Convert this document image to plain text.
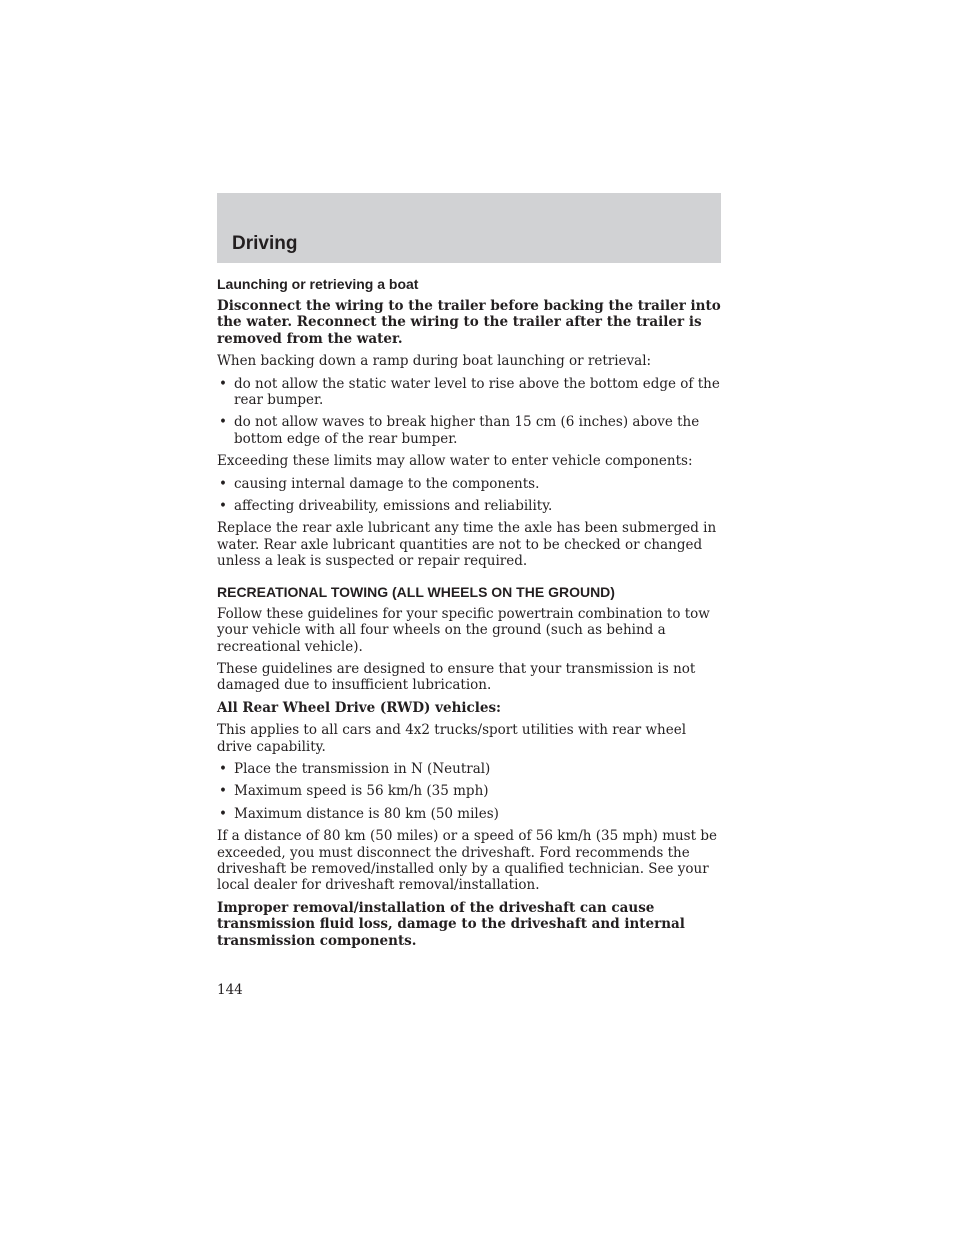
Driving
Launching or retrieving a boat

Disconnect the wiring to the trailer before backing the trailer into the water. Reconnect the wiring to the trailer after the trailer is removed from the water.

When backing down a ramp during boat launching or retrieval:

• do not allow the static water level to rise above the bottom edge of the rear bumper.
• do not allow waves to break higher than 15 cm (6 inches) above the bottom edge of the rear bumper.

Exceeding these limits may allow water to enter vehicle components:

• causing internal damage to the components.
• affecting driveability, emissions and reliability.

Replace the rear axle lubricant any time the axle has been submerged in water. Rear axle lubricant quantities are not to be checked or changed unless a leak is suspected or repair required.

RECREATIONAL TOWING (ALL WHEELS ON THE GROUND)

Follow these guidelines for your specific powertrain combination to tow your vehicle with all four wheels on the ground (such as behind a recreational vehicle).

These guidelines are designed to ensure that your transmission is not damaged due to insufficient lubrication.

All Rear Wheel Drive (RWD) vehicles:

This applies to all cars and 4x2 trucks/sport utilities with rear wheel drive capability.

• Place the transmission in N (Neutral)
• Maximum speed is 56 km/h (35 mph)
• Maximum distance is 80 km (50 miles)

If a distance of 80 km (50 miles) or a speed of 56 km/h (35 mph) must be exceeded, you must disconnect the driveshaft. Ford recommends the driveshaft be removed/installed only by a qualified technician. See your local dealer for driveshaft removal/installation.

Improper removal/installation of the driveshaft can cause transmission fluid loss, damage to the driveshaft and internal transmission components.

144
